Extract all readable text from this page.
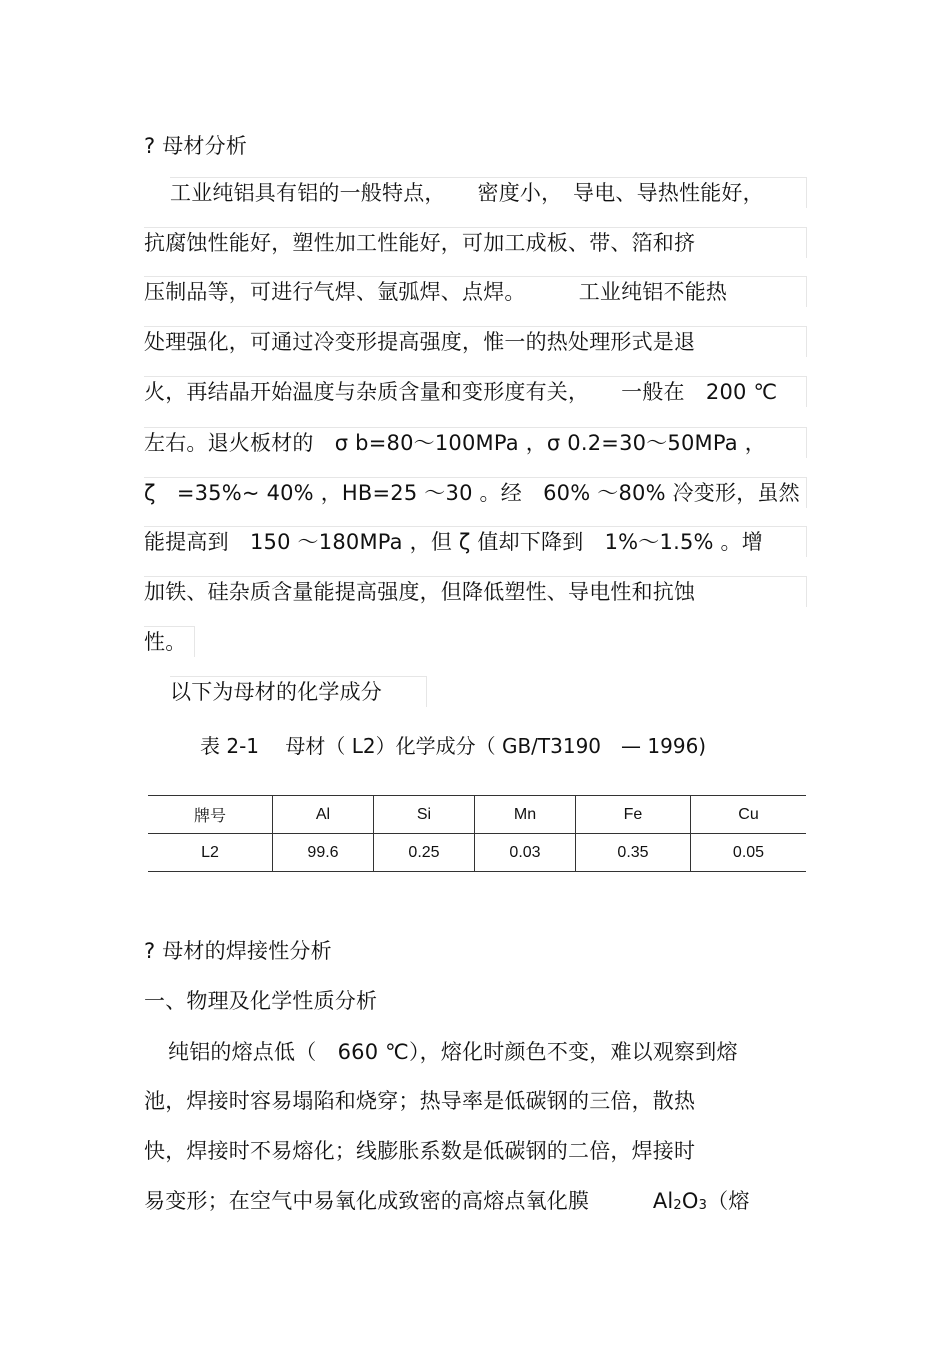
? 母材分析
工业纯铝具有铝的一般特点，　　密度小，　导电、导热性能好，
抗腐蚀性能好，塑性加工性能好，可加工成板、带、箔和挤
压制品等，可进行气焊、氩弧焊、点焊。　　　工业纯铝不能热
处理强化，可通过冷变形提高强度，惟一的热处理形式是退
火，再结晶开始温度与杂质含量和变形度有关，　　一般在　200 ℃
左右。退火板材的　σ b=80～100MPa ，σ 0.2=30～50MPa ，
ζ　=35%~ 40% ，HB=25 ～30 。经　60% ～80% 冷变形，虽然
能提高到　150 ～180MPa ，但 ζ 值却下降到　1%～1.5% 。增
加铁、硅杂质含量能提高强度，但降低塑性、导电性和抗蚀
性。
以下为母材的化学成分
表 2-1　 母材（ L2）化学成分（ GB/T3190　— 1996)
牌号	Al	Si	Mn	Fe	Cu
L2	99.6	0.25	0.03	0.35	0.05
? 母材的焊接性分析
一、物理及化学性质分析
纯铝的熔点低（　660 ℃），熔化时颜色不变，难以观察到熔
池，焊接时容易塌陷和烧穿；热导率是低碳钢的三倍，散热
快，焊接时不易熔化；线膨胀系数是低碳钢的二倍，焊接时
易变形；在空气中易氧化成致密的高熔点氧化膜　　　$Al_2O_3$（熔
